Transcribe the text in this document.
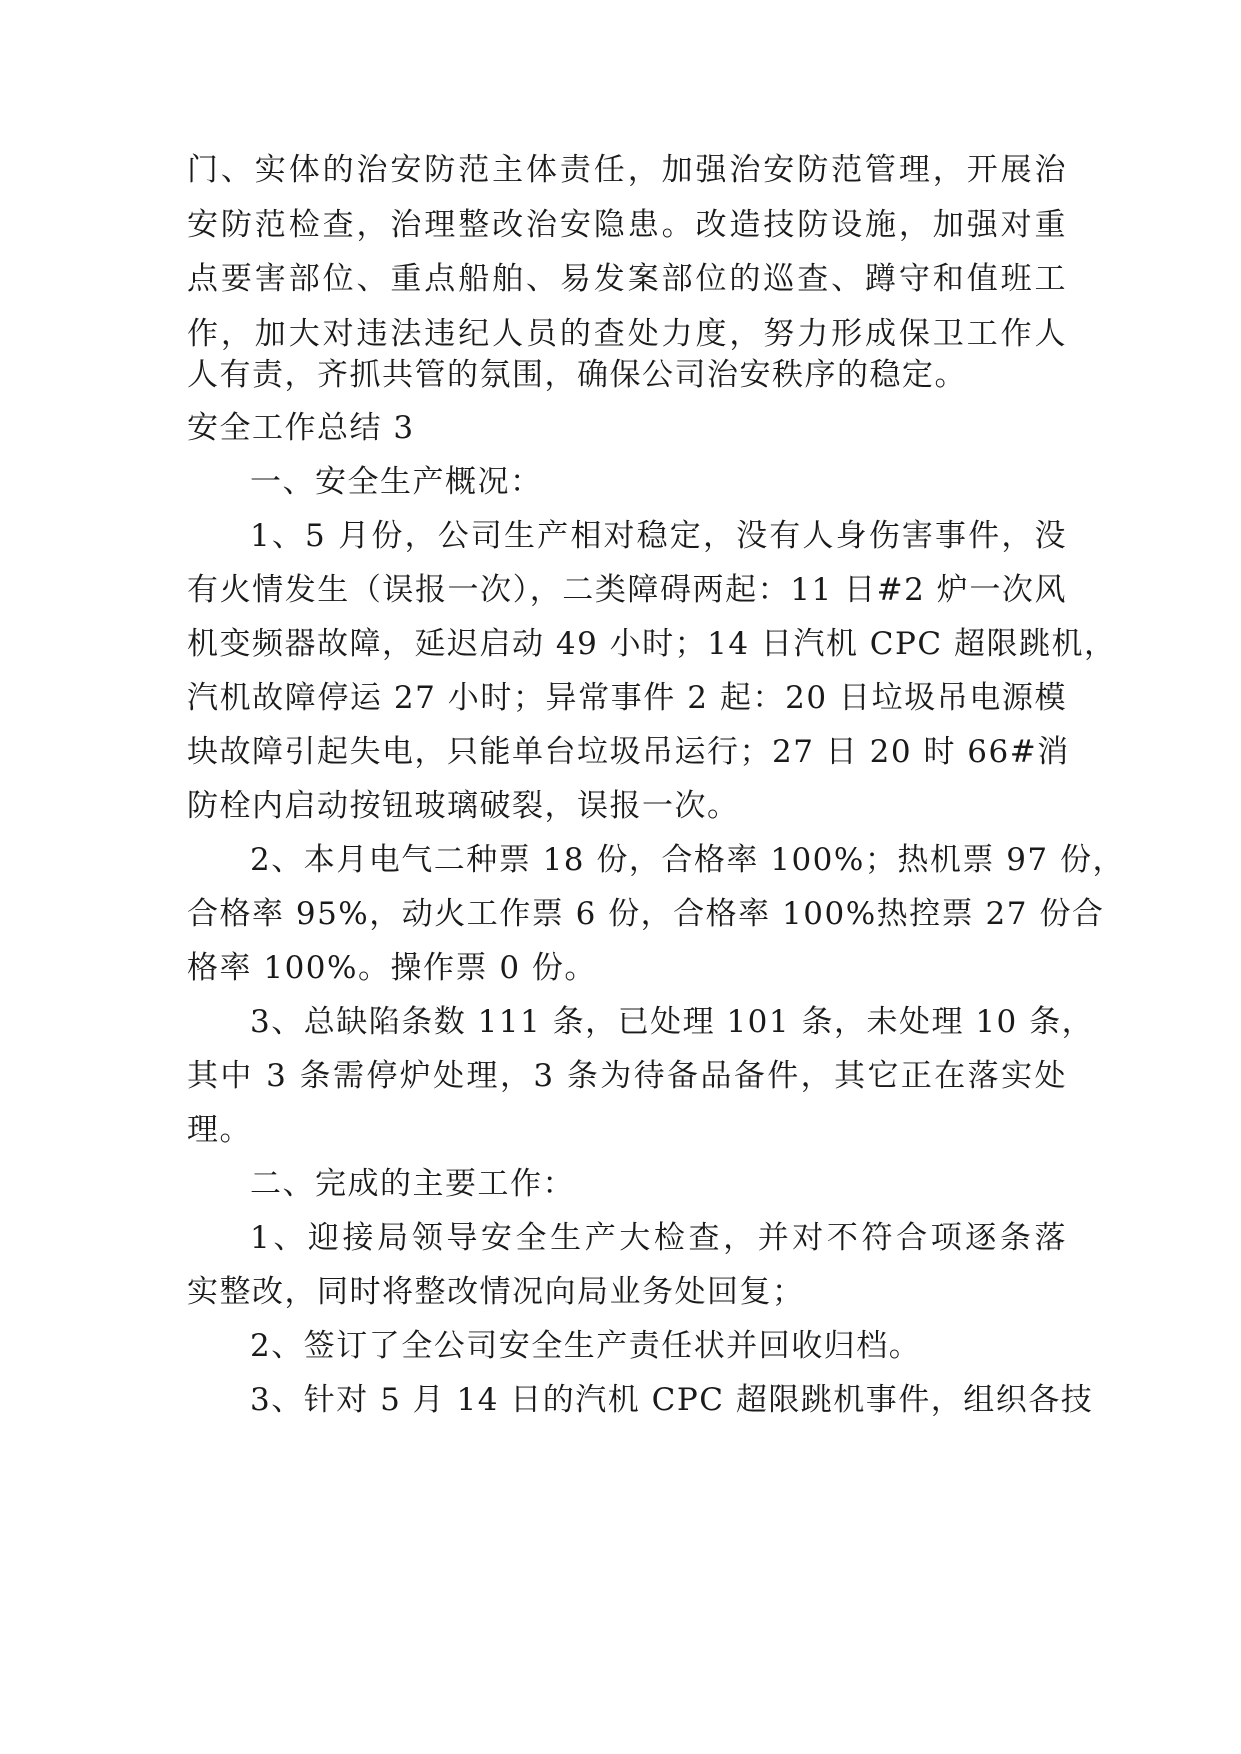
门、实体的治安防范主体责任，加强治安防范管理，开展治
安防范检查，治理整改治安隐患。改造技防设施，加强对重
点要害部位、重点船舶、易发案部位的巡查、蹲守和值班工
作，加大对违法违纪人员的查处力度，努力形成保卫工作人
人有责，齐抓共管的氛围，确保公司治安秩序的稳定。
安全工作总结 3
一、安全生产概况：
1、5 月份，公司生产相对稳定，没有人身伤害事件，没
有火情发生（误报一次），二类障碍两起：11 日#2 炉一次风
机变频器故障，延迟启动 49 小时；14 日汽机 CPC 超限跳机，
汽机故障停运 27 小时；异常事件 2 起：20 日垃圾吊电源模
块故障引起失电，只能单台垃圾吊运行；27 日 20 时 66#消
防栓内启动按钮玻璃破裂，误报一次。
2、本月电气二种票 18 份，合格率 100%；热机票 97 份，
合格率 95%，动火工作票 6 份，合格率 100%热控票 27 份合
格率 100%。操作票 0 份。
3、总缺陷条数 111 条，已处理 101 条，未处理 10 条，
其中 3 条需停炉处理，3 条为待备品备件，其它正在落实处
理。
二、完成的主要工作：
1、迎接局领导安全生产大检查，并对不符合项逐条落
实整改，同时将整改情况向局业务处回复；
2、签订了全公司安全生产责任状并回收归档。
3、针对 5 月 14 日的汽机 CPC 超限跳机事件，组织各技
